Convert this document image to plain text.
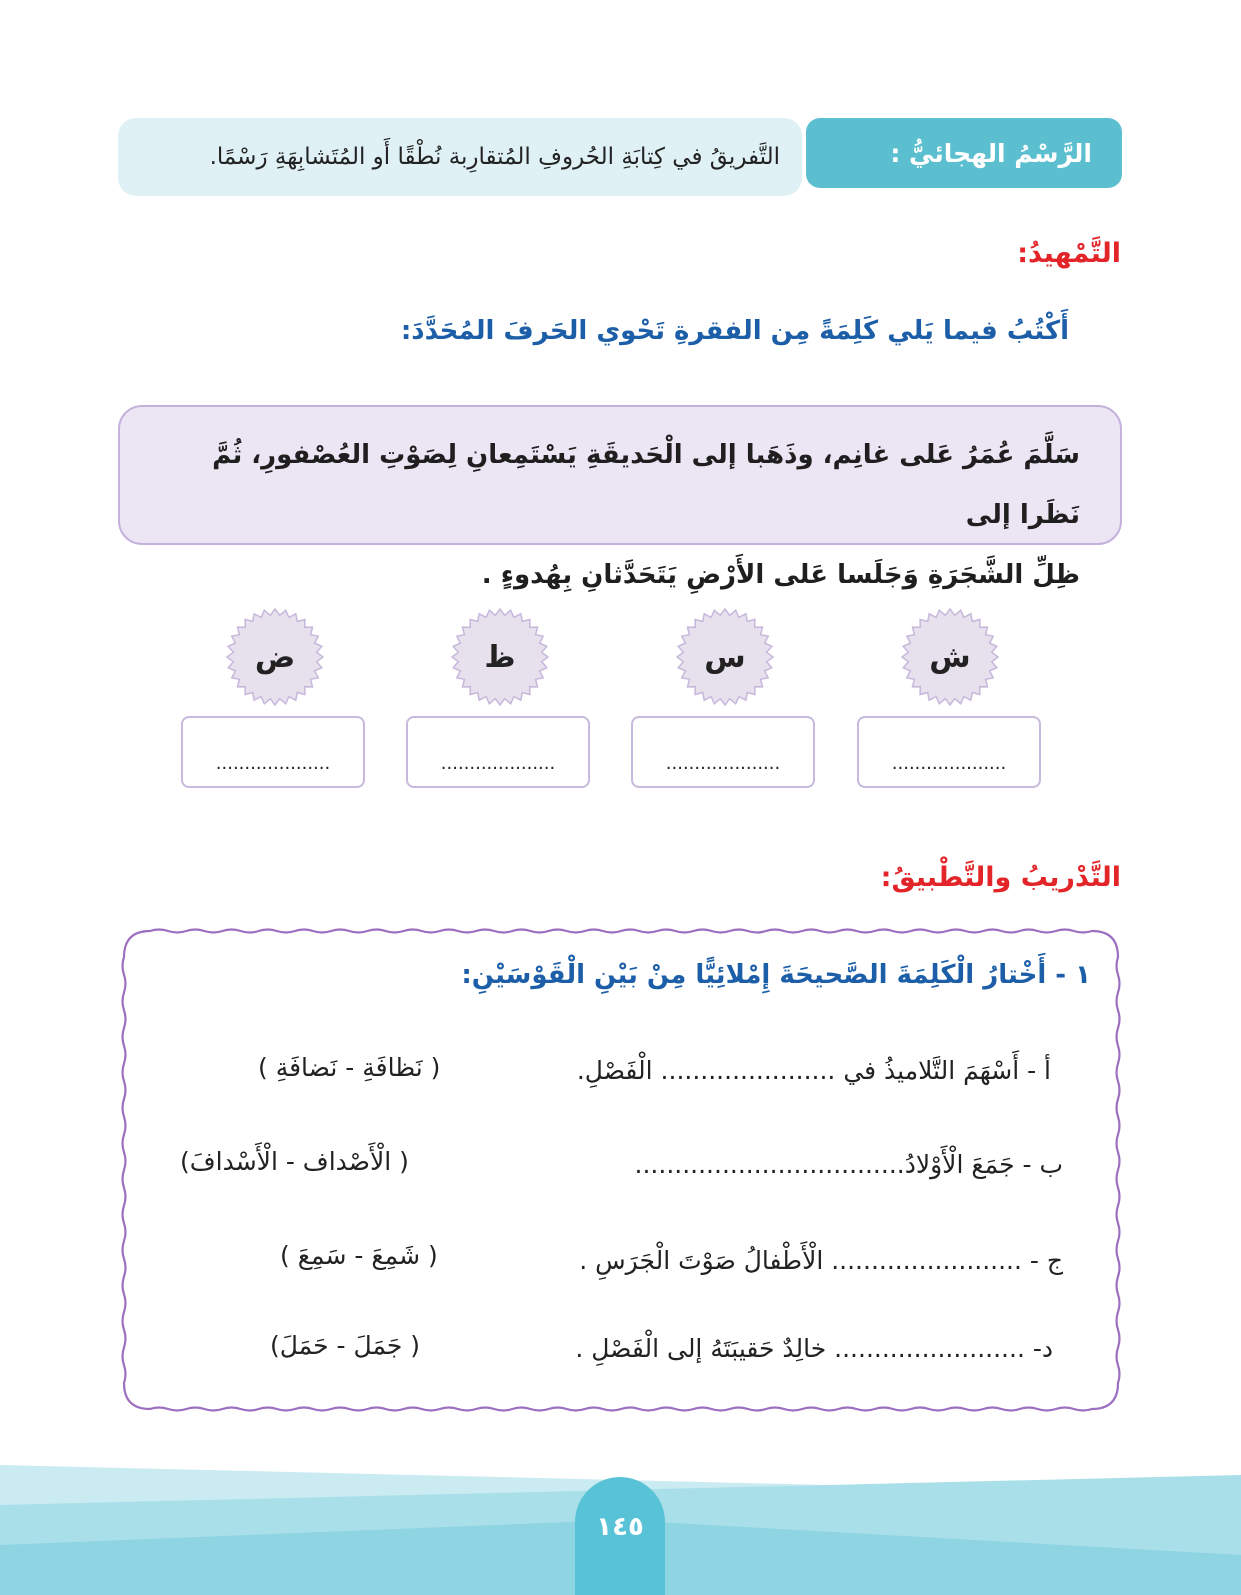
الرَّسْمُ الهجائيُّ :
التَّفريقُ في كِتابَةِ الحُروفِ المُتقارِبة نُطْقًا أَو المُتَشابِهَةِ رَسْمًا.
التَّمْهيدُ:
أَكْتُبُ فيما يَلي كَلِمَةً مِن الفقرةِ تَحْوي الحَرفَ المُحَدَّدَ:
سَلَّمَ عُمَرُ عَلى غانِم، وذَهَبا إلى الْحَديقَةِ يَسْتَمِعانِ لِصَوْتِ العُصْفورِ، ثُمَّ نَظَرا إلى
ظِلِّ الشَّجَرَةِ وَجَلَسا عَلى الأَرْضِ يَتَحَدَّثانِ بِهُدوءٍ .
ش
س
ظ
ض
....................
....................
....................
....................
التَّدْريبُ والتَّطْبيقُ:
١ - أَخْتارُ الْكَلِمَةَ الصَّحيحَةَ إِمْلائِيًّا مِنْ بَيْنِ الْقَوْسَيْنِ:
أ - أَسْهَمَ التَّلاميذُ في ...................... الْفَصْلِ.
( نَظافَةِ - نَضافَةِ )
ب - جَمَعَ الْأَوْلادُ..................................
( الْأَصْداف - الْأَسْدافَ)
ج - ........................ الْأَطْفالُ صَوْتَ الْجَرَسِ .
( شَمِعَ - سَمِعَ )
د- ........................ خالِدٌ حَقيبَتَهُ إلى الْفَصْلِ .
( جَمَلَ - حَمَلَ)
١٤٥
